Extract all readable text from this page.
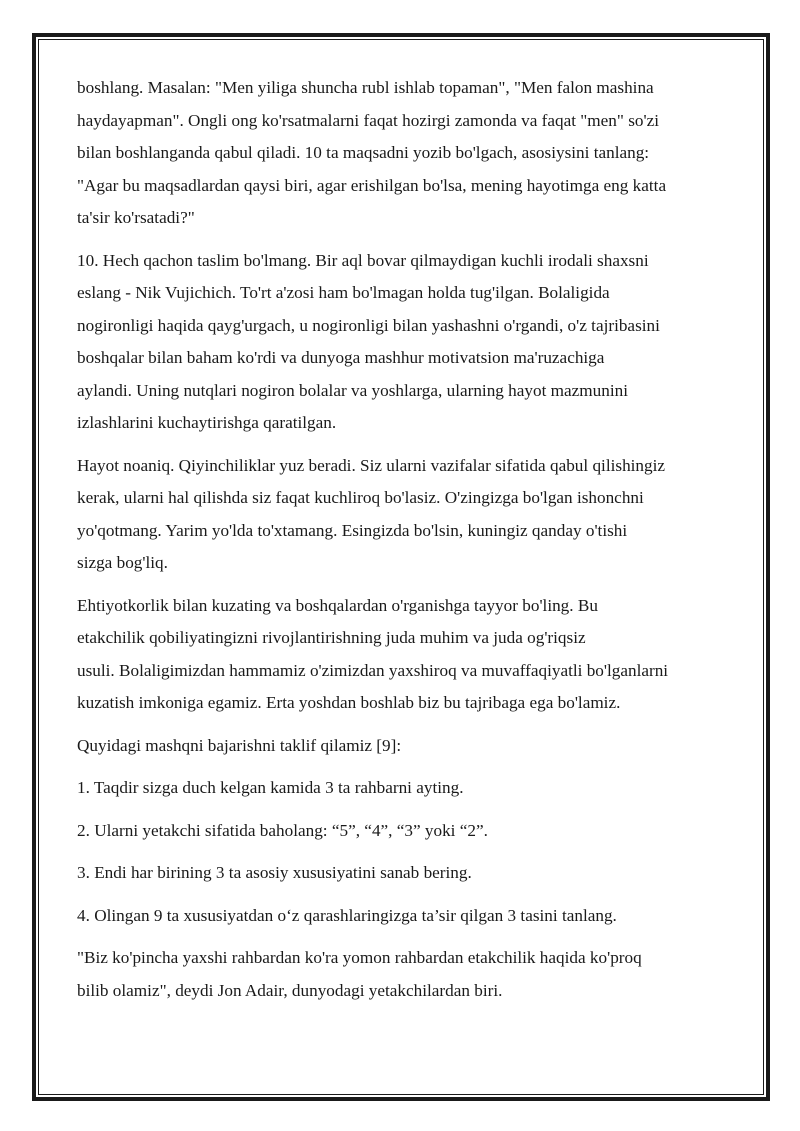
boshlang. Masalan: "Men yiliga shuncha rubl ishlab topaman", "Men falon mashina
haydayapman". Ongli ong ko'rsatmalarni faqat hozirgi zamonda va faqat "men" so'zi
bilan boshlanganda qabul qiladi. 10 ta maqsadni yozib bo'lgach, asosiysini tanlang:
"Agar bu maqsadlardan qaysi biri, agar erishilgan bo'lsa, mening hayotimga eng katta
ta'sir ko'rsatadi?"

10. Hech qachon taslim bo'lmang. Bir aql bovar qilmaydigan kuchli irodali shaxsni
eslang - Nik Vujichich. To'rt a'zosi ham bo'lmagan holda tug'ilgan. Bolaligida
nogironligi haqida qayg'urgach, u nogironligi bilan yashashni o'rgandi, o'z tajribasini
boshqalar bilan baham ko'rdi va dunyoga mashhur motivatsion ma'ruzachiga
aylandi. Uning nutqlari nogiron bolalar va yoshlarga, ularning hayot mazmunini
izlashlarini kuchaytirishga qaratilgan.

Hayot noaniq. Qiyinchiliklar yuz beradi. Siz ularni vazifalar sifatida qabul qilishingiz
kerak, ularni hal qilishda siz faqat kuchliroq bo'lasiz. O'zingizga bo'lgan ishonchni
yo'qotmang. Yarim yo'lda to'xtamang. Esingizda bo'lsin, kuningiz qanday o'tishi
sizga bog'liq.

Ehtiyotkorlik bilan kuzating va boshqalardan o'rganishga tayyor bo'ling. Bu
etakchilik qobiliyatingizni rivojlantirishning juda muhim va juda og'riqsiz
usuli. Bolaligimizdan hammamiz o'zimizdan yaxshiroq va muvaffaqiyatli bo'lganlarni
kuzatish imkoniga egamiz. Erta yoshdan boshlab biz bu tajribaga ega bo'lamiz.

Quyidagi mashqni bajarishni taklif qilamiz [9]:

1. Taqdir sizga duch kelgan kamida 3 ta rahbarni ayting.

2. Ularni yetakchi sifatida baholang: “5”, “4”, “3” yoki “2”.

3. Endi har birining 3 ta asosiy xususiyatini sanab bering.

4. Olingan 9 ta xususiyatdan o‘z qarashlaringizga ta’sir qilgan 3 tasini tanlang.

"Biz ko'pincha yaxshi rahbardan ko'ra yomon rahbardan etakchilik haqida ko'proq
bilib olamiz", deydi Jon Adair, dunyodagi yetakchilardan biri.
